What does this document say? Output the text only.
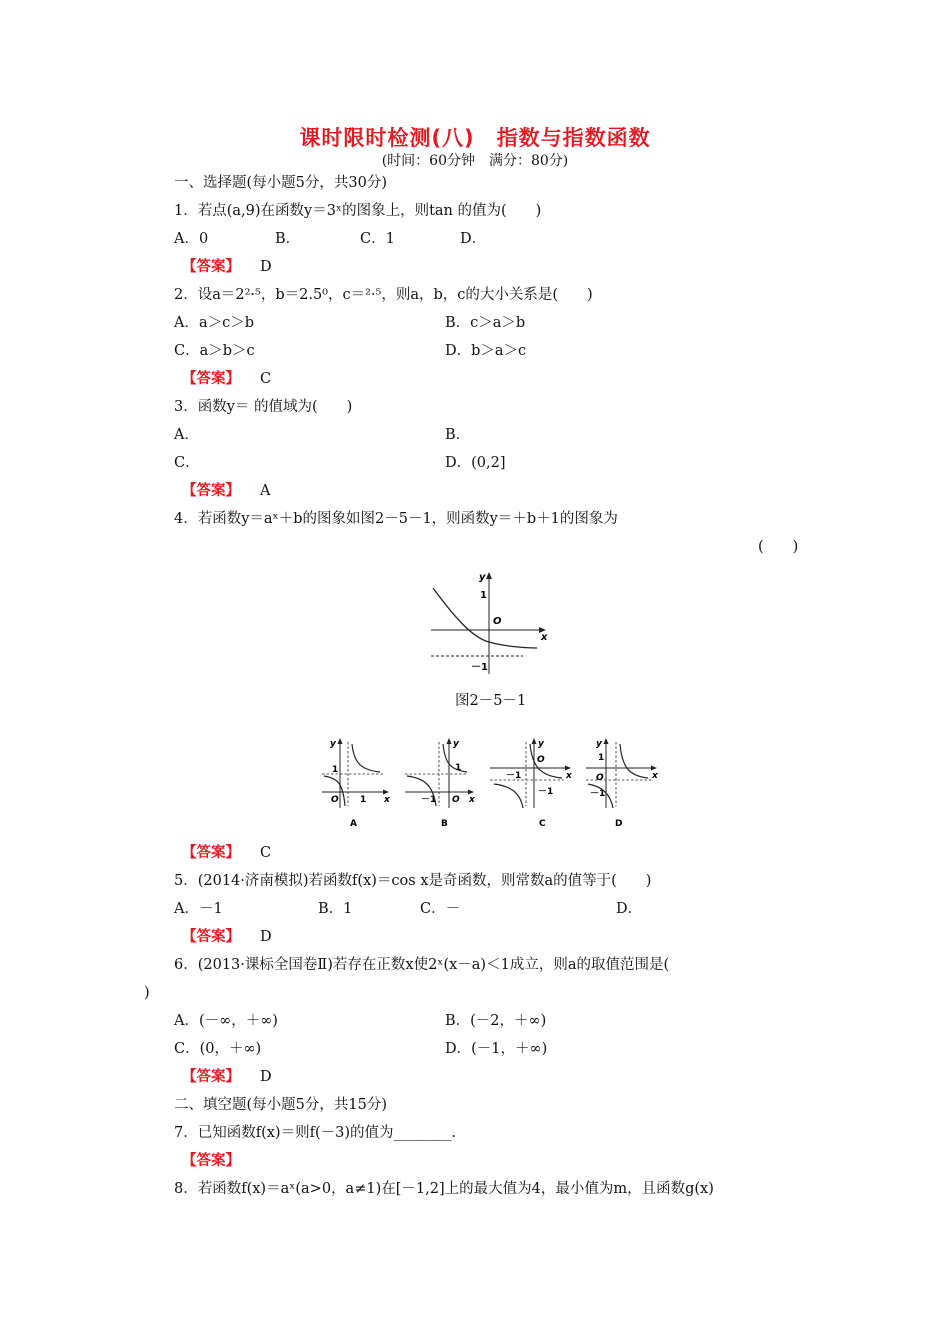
课时限时检测(八)　指数与指数函数
(时间：60分钟　满分：80分)
一、选择题(每小题5分，共30分)
1．若点(a,9)在函数y＝3ˣ的图象上，则tan 的值为(　　)
A．0	B．	C．1	D．
【答案】 D
2．设a＝2²·⁵，b＝2.5⁰，c＝²·⁵，则a，b，c的大小关系是(　　)
A．a＞c＞b	B．c＞a＞b
C．a＞b＞c	D．b＞a＞c
【答案】 C
3．函数y＝ 的值域为(　　)
A．	B．
C．	D．(0,2]
【答案】 A
4．若函数y＝aˣ＋b的图象如图2－5－1，则函数y＝＋b＋1的图象为
(　　)
y
x
O
1
－1
图2－5－1
y
x
O
1
1
A
y
x
O
1
－1
B
y
x
O
－1
－1
C
y
x
O
1
－1
D
【答案】 C
5．(2014·济南模拟)若函数f(x)＝cos x是奇函数，则常数a的值等于(　　)
A．－1	B．1	C．－	D．
【答案】 D
6．(2013·课标全国卷Ⅱ)若存在正数x使2ˣ(x－a)＜1成立，则a的取值范围是(
)
A．(－∞，＋∞)	B．(－2，＋∞)
C．(0，＋∞)	D．(－1，＋∞)
【答案】 D
二、填空题(每小题5分，共15分)
7．已知函数f(x)＝则f(－3)的值为________.
【答案】
8．若函数f(x)＝aˣ(a>0，a≠1)在[－1,2]上的最大值为4，最小值为m，且函数g(x)
